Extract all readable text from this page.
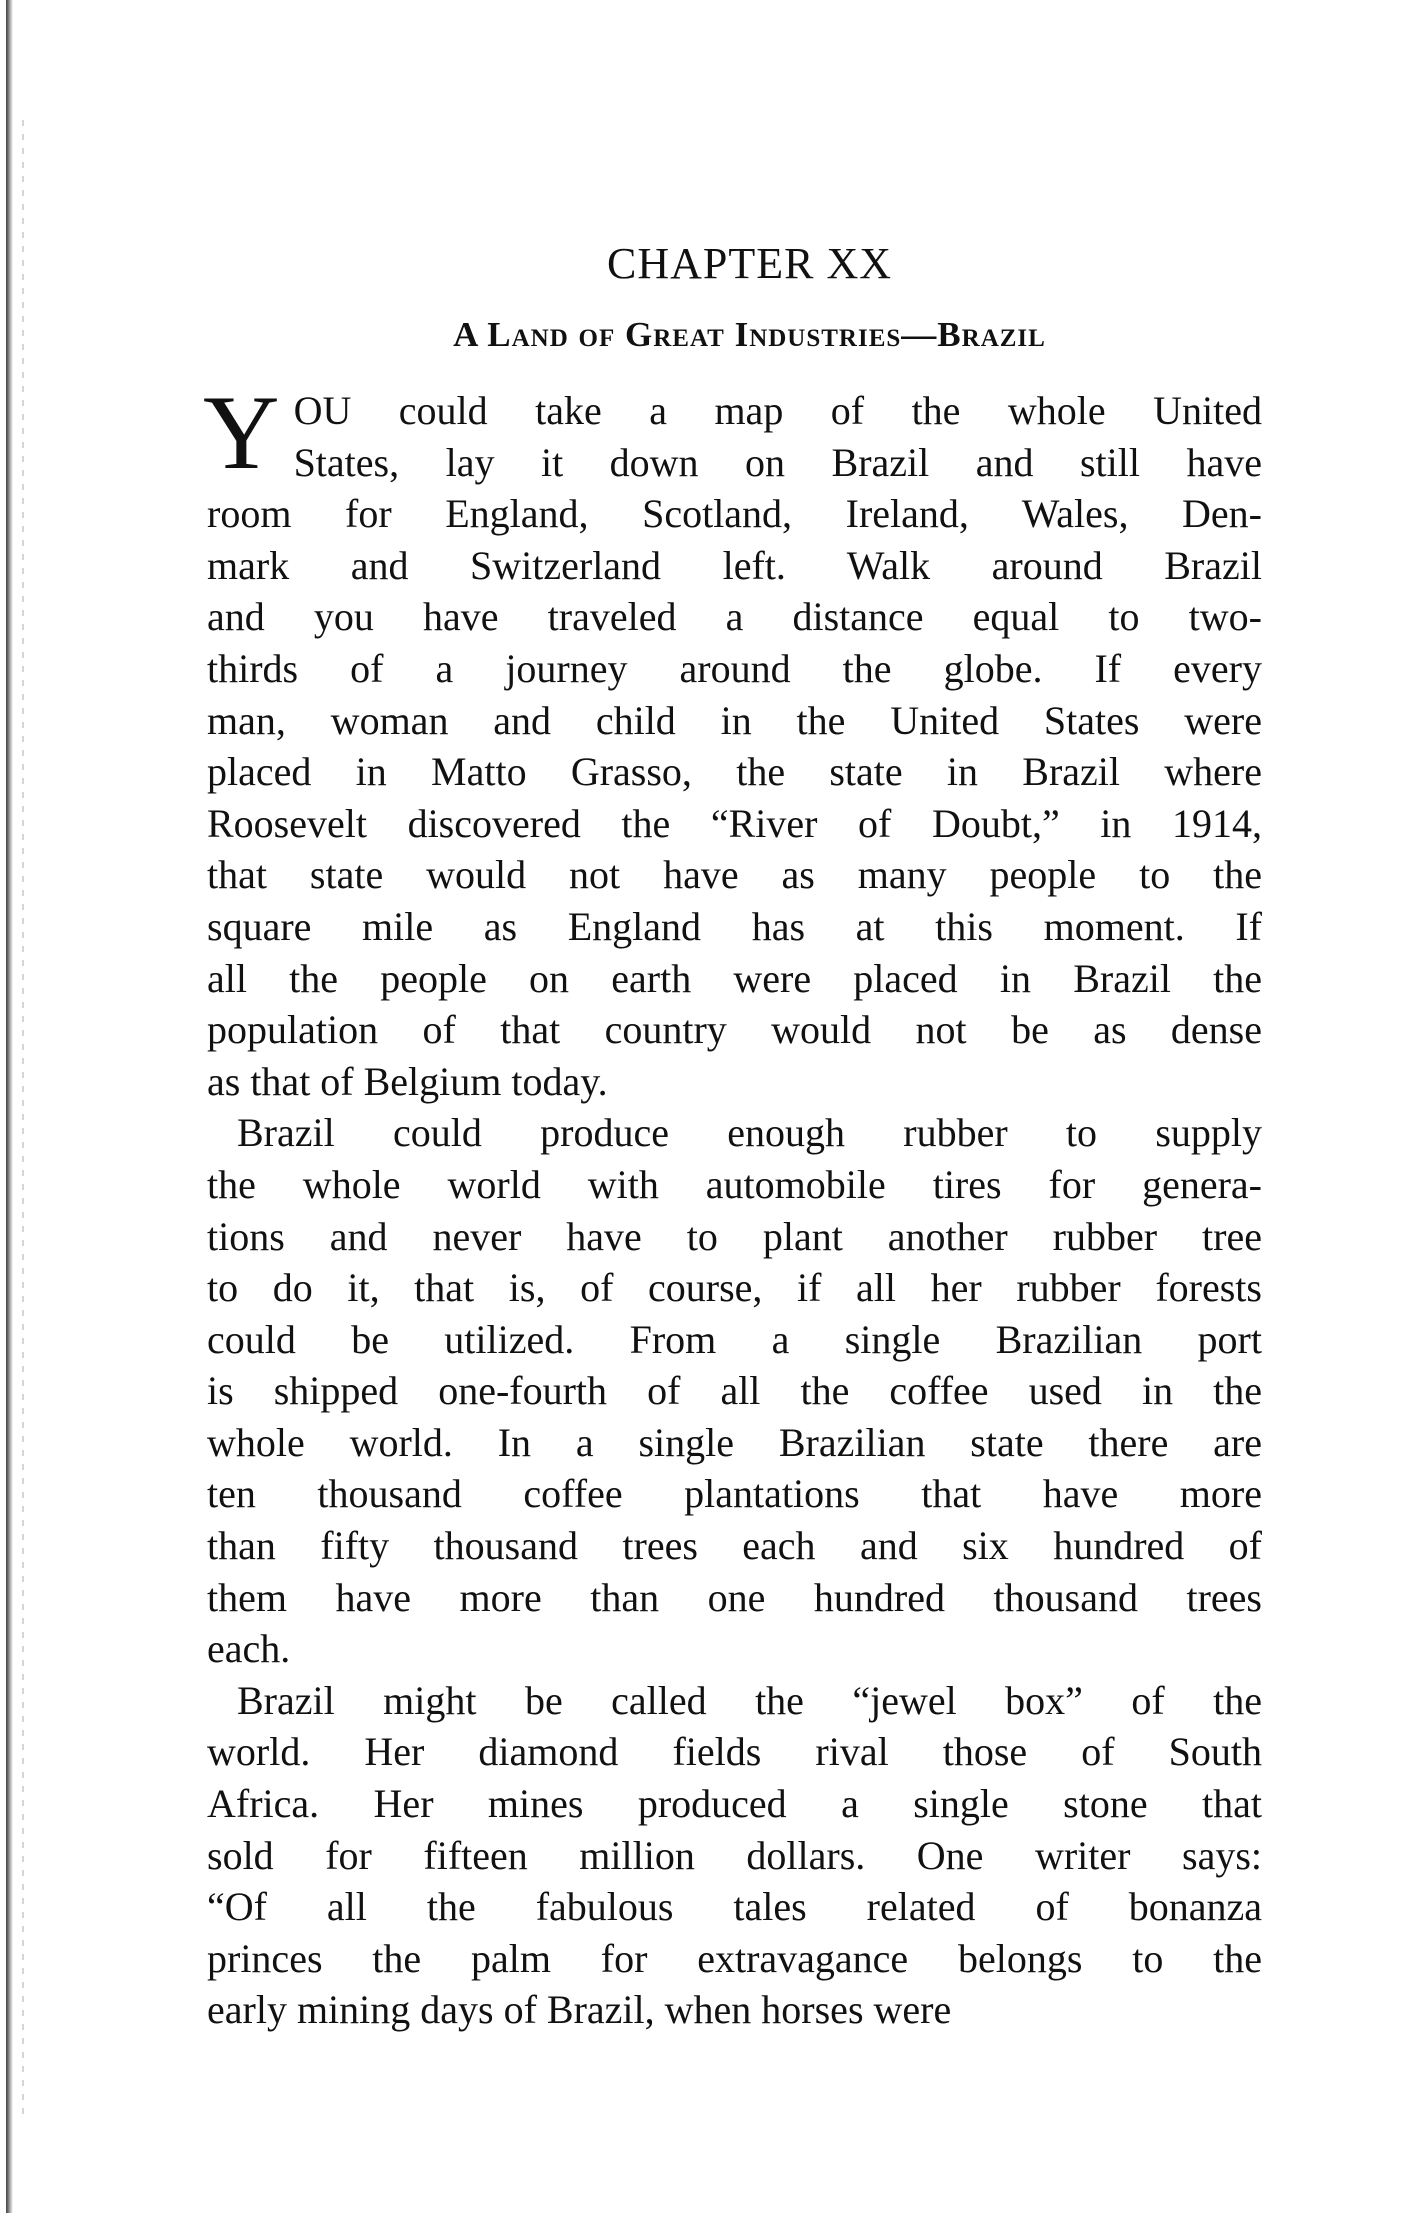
CHAPTER XX
A Land of Great Industries—Brazil

Y OU could take a map of the whole United
States, lay it down on Brazil and still have
room for England, Scotland, Ireland, Wales, Den-
mark and Switzerland left. Walk around Brazil
and you have traveled a distance equal to two-
thirds of a journey around the globe. If every
man, woman and child in the United States were
placed in Matto Grasso, the state in Brazil where
Roosevelt discovered the “River of Doubt,” in 1914,
that state would not have as many people to the
square mile as England has at this moment. If
all the people on earth were placed in Brazil the
population of that country would not be as dense
as that of Belgium today.

Brazil could produce enough rubber to supply
the whole world with automobile tires for genera-
tions and never have to plant another rubber tree
to do it, that is, of course, if all her rubber forests
could be utilized. From a single Brazilian port
is shipped one-fourth of all the coffee used in the
whole world. In a single Brazilian state there are
ten thousand coffee plantations that have more
than fifty thousand trees each and six hundred of
them have more than one hundred thousand trees
each.

Brazil might be called the “jewel box” of the
world. Her diamond fields rival those of South
Africa. Her mines produced a single stone that
sold for fifteen million dollars. One writer says:
“Of all the fabulous tales related of bonanza
princes the palm for extravagance belongs to the
early mining days of Brazil, when horses were
